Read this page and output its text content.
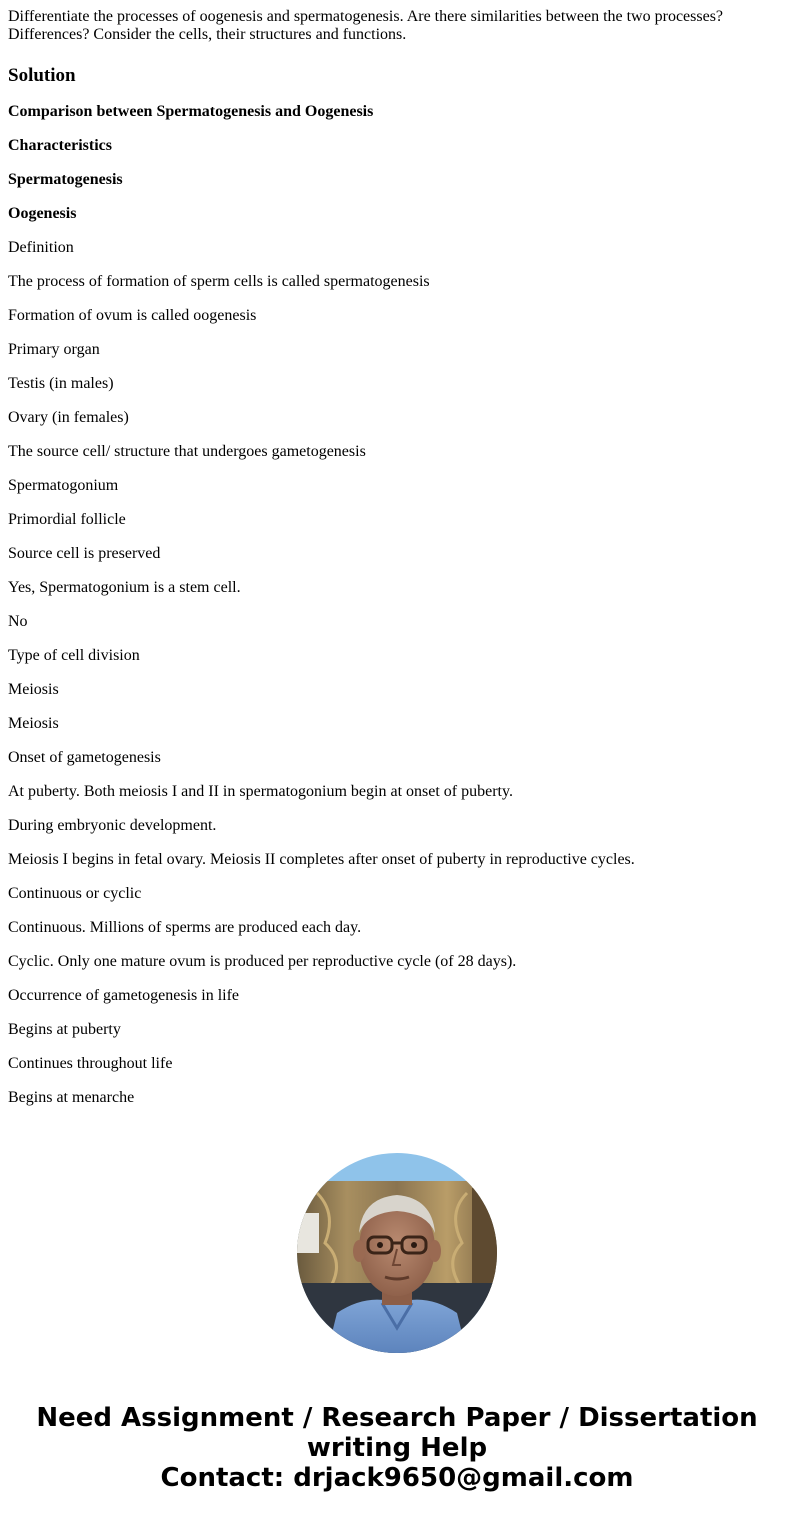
Differentiate the processes of oogenesis and spermatogenesis. Are there similarities between the two processes? Differences? Consider the cells, their structures and functions.
Solution
Comparison between Spermatogenesis and Oogenesis
Characteristics
Spermatogenesis
Oogenesis
Definition
The process of formation of sperm cells is called spermatogenesis
Formation of ovum is called oogenesis
Primary organ
Testis (in males)
Ovary (in females)
The source cell/ structure that undergoes gametogenesis
Spermatogonium
Primordial follicle
Source cell is preserved
Yes, Spermatogonium is a stem cell.
No
Type of cell division
Meiosis
Meiosis
Onset of gametogenesis
At puberty. Both meiosis I and II in spermatogonium begin at onset of puberty.
During embryonic development.
Meiosis I begins in fetal ovary. Meiosis II completes after onset of puberty in reproductive cycles.
Continuous or cyclic
Continuous. Millions of sperms are produced each day.
Cyclic. Only one mature ovum is produced per reproductive cycle (of 28 days).
Occurrence of gametogenesis in life
Begins at puberty
Continues throughout life
Begins at menarche
Need Assignment / Research Paper / Dissertation
writing Help
Contact: drjack9650@gmail.com
